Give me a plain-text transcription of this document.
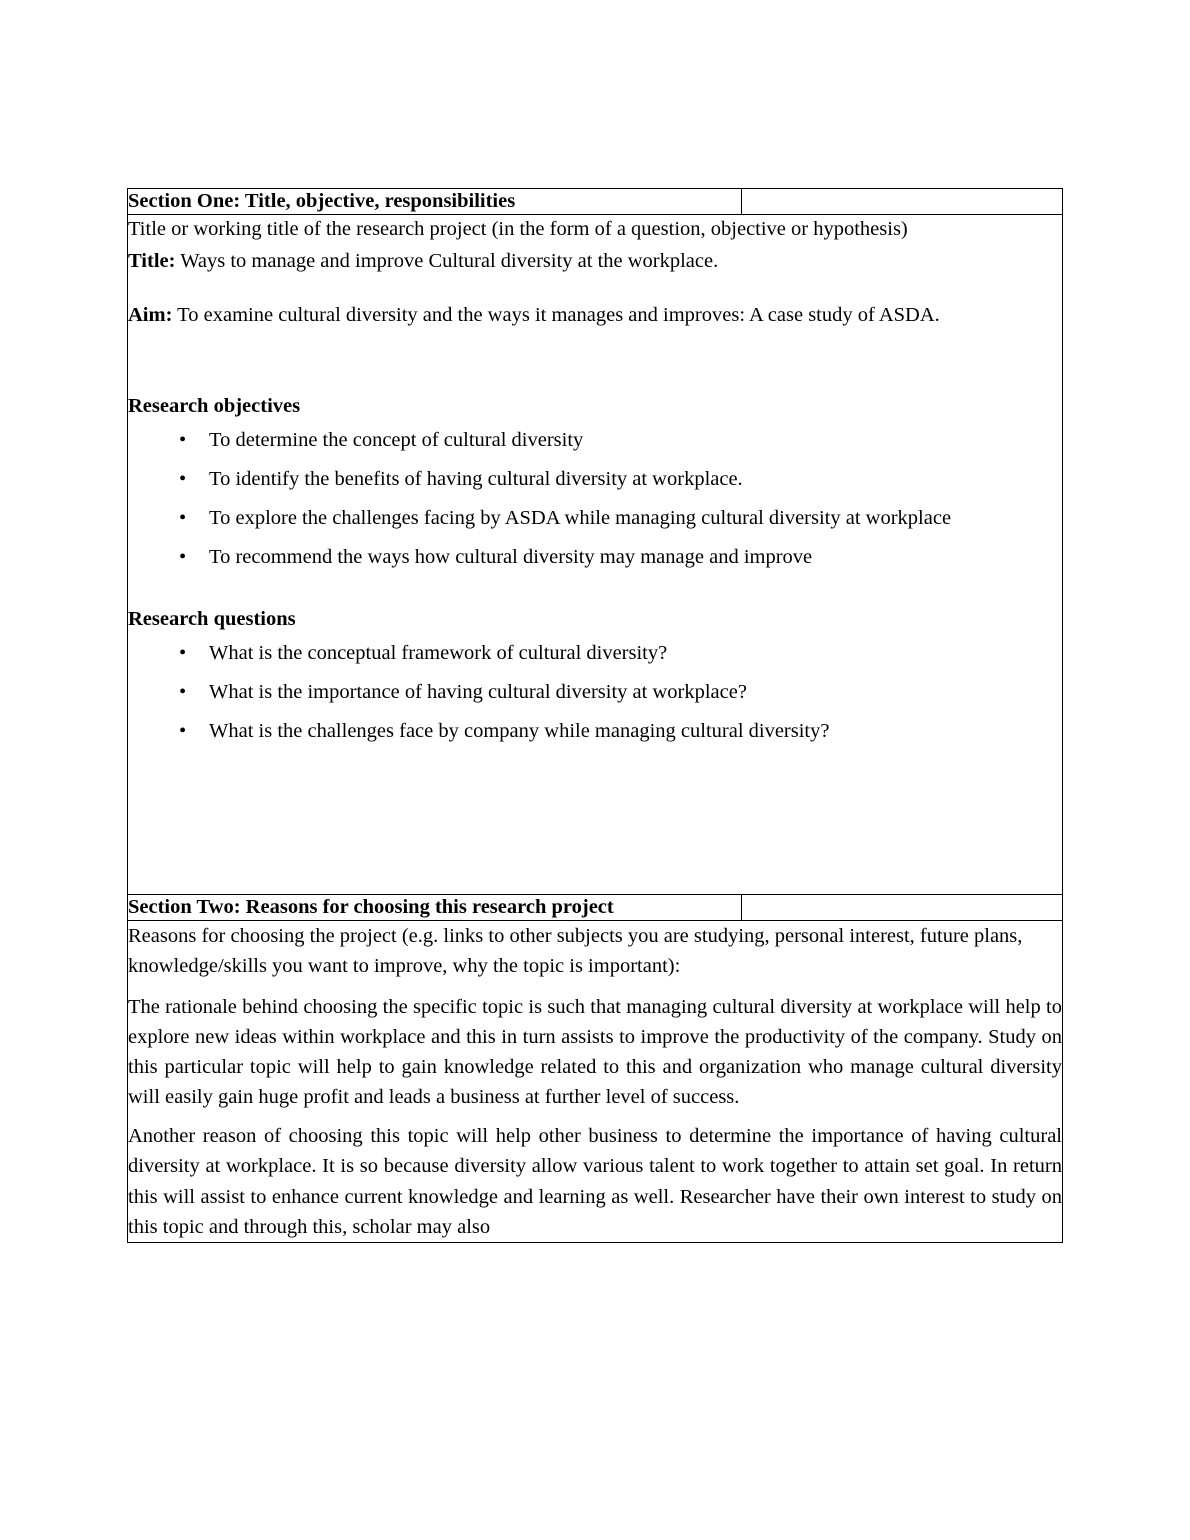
Section One: Title, objective, responsibilities	

Title or working title of the research project (in the form of a question, objective or hypothesis)

Title: Ways to manage and improve Cultural diversity at the workplace.

Aim: To examine cultural diversity and the ways it manages and improves: A case study of ASDA.

Research objectives

• To determine the concept of cultural diversity
• To identify the benefits of having cultural diversity at workplace.
• To explore the challenges facing by ASDA while managing cultural diversity at workplace
• To recommend the ways how cultural diversity may manage and improve

Research questions

• What is the conceptual framework of cultural diversity?
• What is the importance of having cultural diversity at workplace?
• What is the challenges face by company while managing cultural diversity?

Section Two: Reasons for choosing this research project	

Reasons for choosing the project (e.g. links to other subjects you are studying, personal interest, future plans, knowledge/skills you want to improve, why the topic is important):

The rationale behind choosing the specific topic is such that managing cultural diversity at workplace will help to explore new ideas within workplace and this in turn assists to improve the productivity of the company. Study on this particular topic will help to gain knowledge related to this and organization who manage cultural diversity will easily gain huge profit and leads a business at further level of success.

Another reason of choosing this topic will help other business to determine the importance of having cultural diversity at workplace. It is so because diversity allow various talent to work together to attain set goal. In return this will assist to enhance current knowledge and learning as well. Researcher have their own interest to study on this topic and through this, scholar may also	
